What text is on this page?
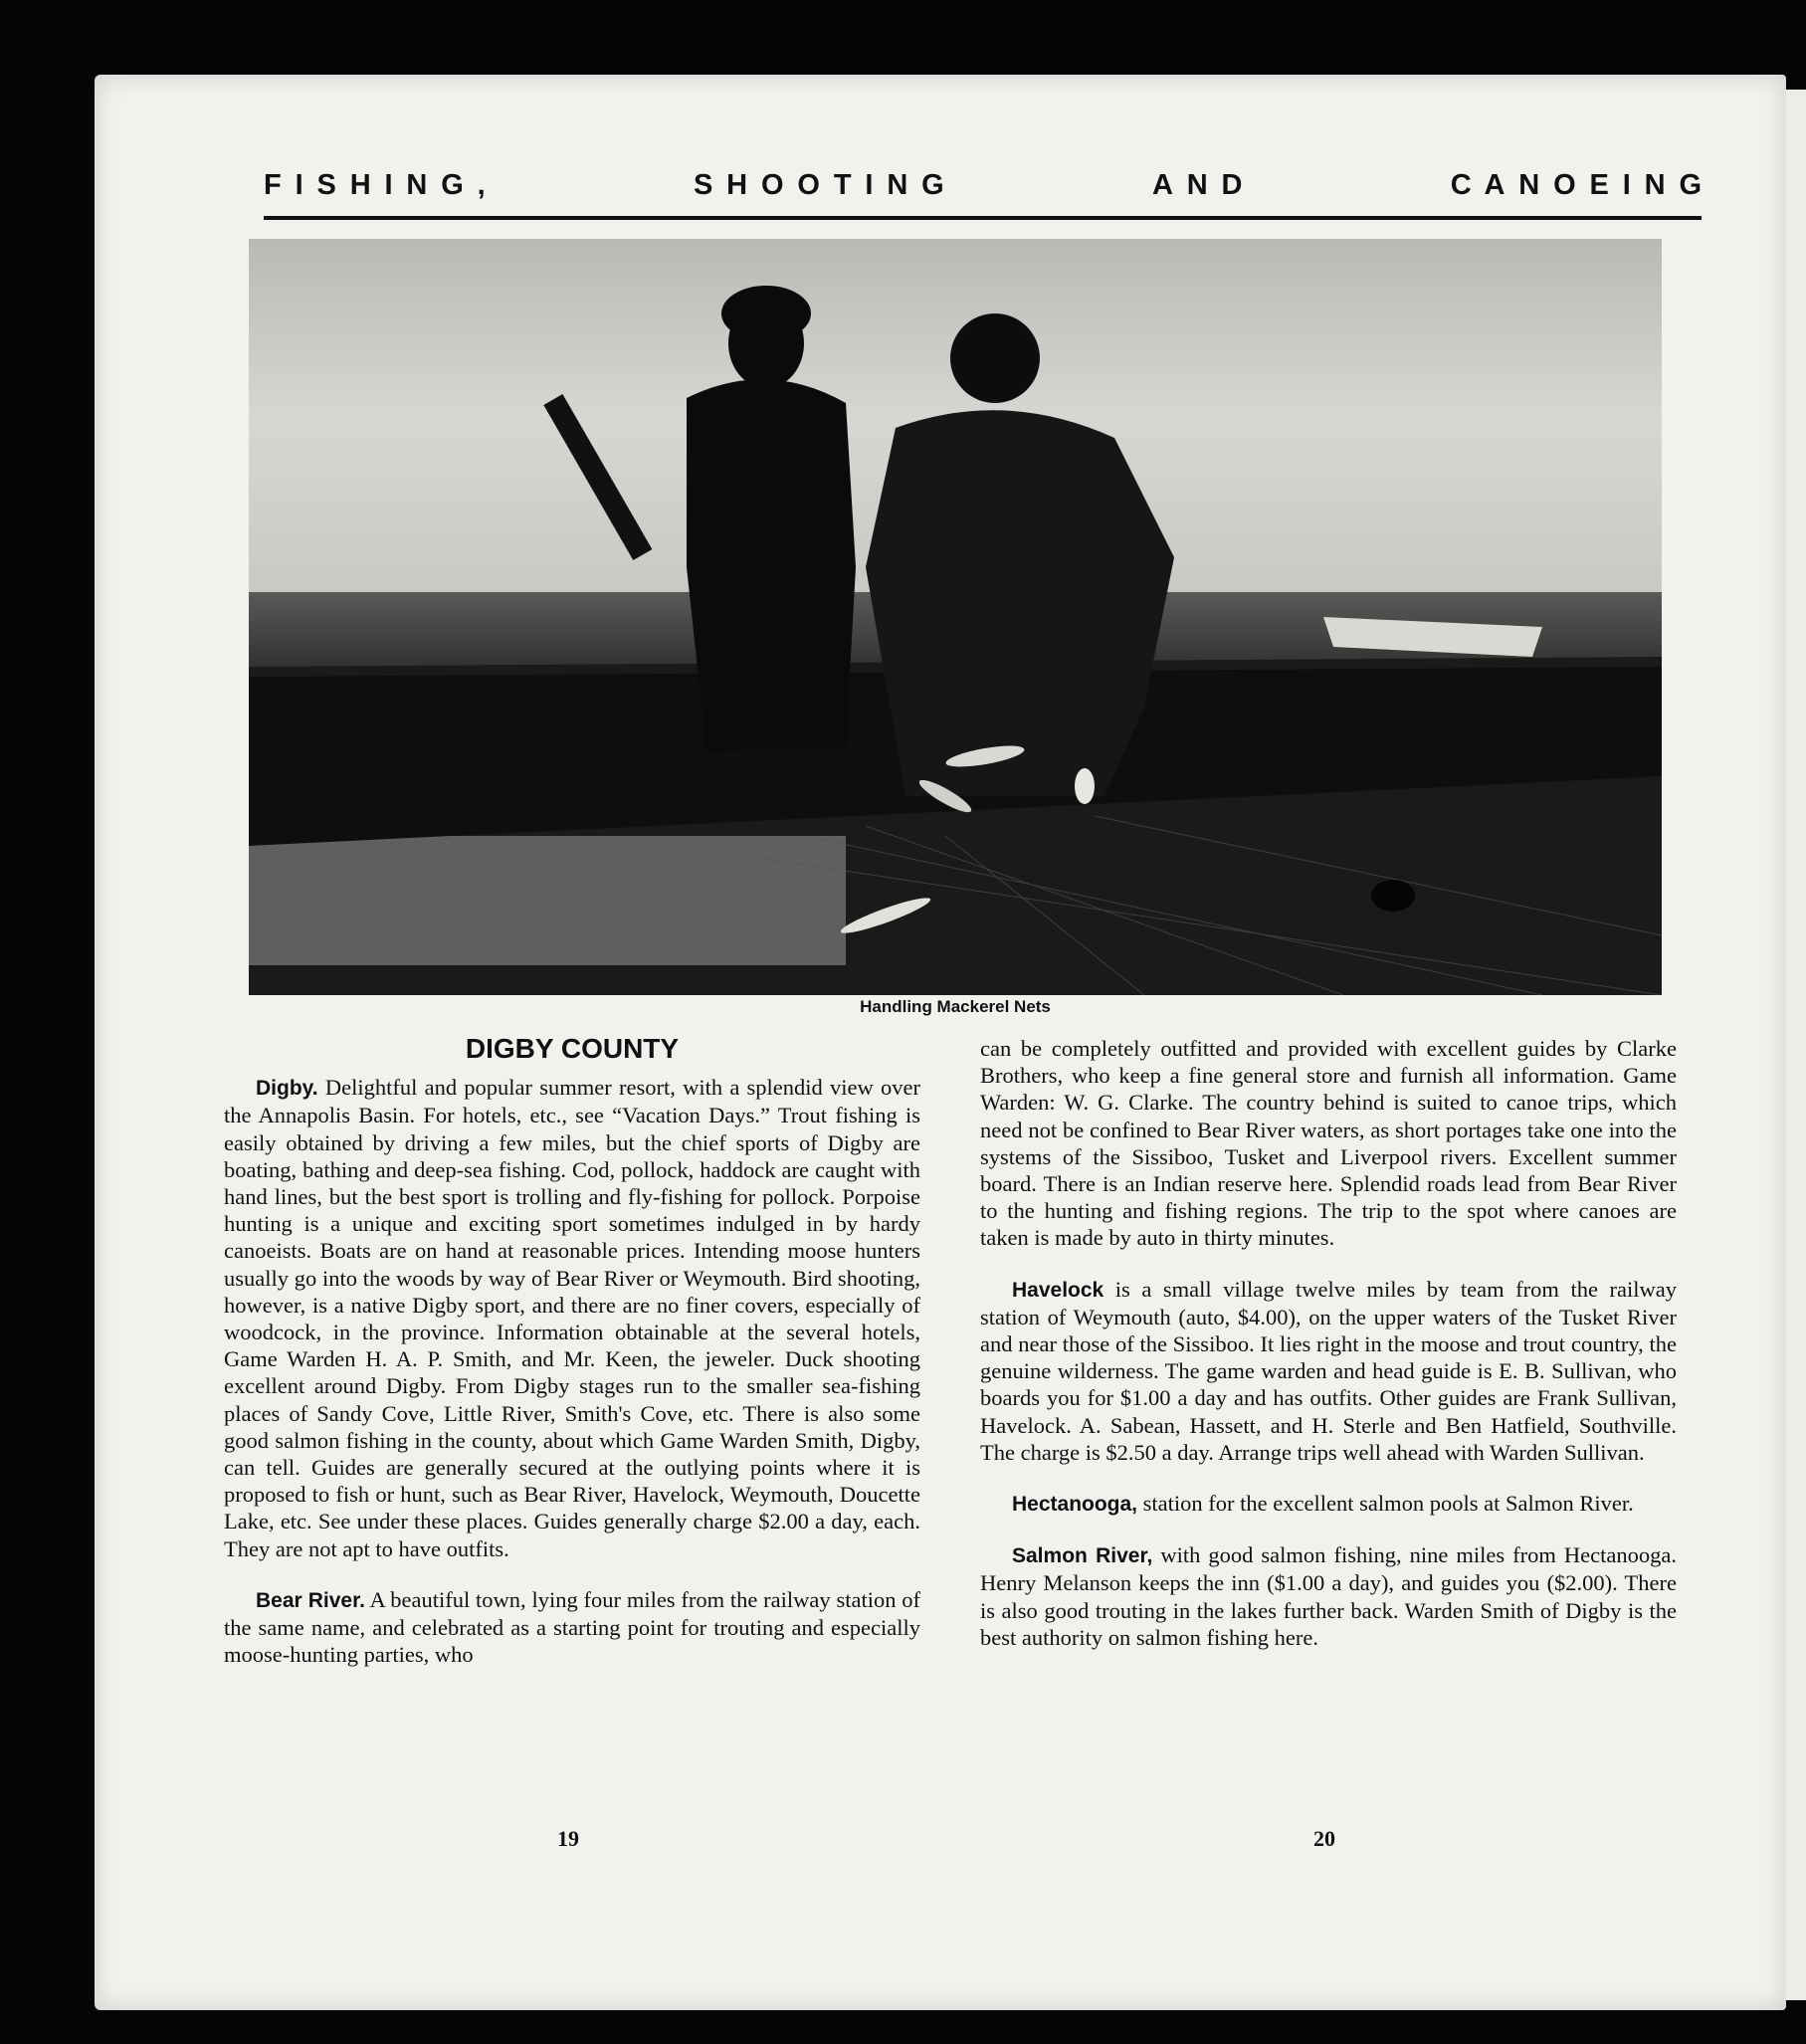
F  I  S  H  I  N  G  ,	S  H  O  O  T  I  N  G	A  N  D	C  A  N  O  E  I  N  G
Handling Mackerel Nets
DIGBY COUNTY

Digby. Delightful and popular summer resort, with a splendid view over the Annapolis Basin. For hotels, etc., see “Vacation Days.” Trout fishing is easily obtained by driving a few miles, but the chief sports of Digby are boating, bathing and deep-sea fishing. Cod, pollock, haddock are caught with hand lines, but the best sport is trolling and fly-fishing for pollock. Porpoise hunting is a unique and exciting sport sometimes indulged in by hardy canoeists. Boats are on hand at reasonable prices. Intending moose hunters usually go into the woods by way of Bear River or Weymouth. Bird shooting, however, is a native Digby sport, and there are no finer covers, especially of woodcock, in the province. Information obtainable at the several hotels, Game Warden H. A. P. Smith, and Mr. Keen, the jeweler. Duck shooting excellent around Digby. From Digby stages run to the smaller sea-fishing places of Sandy Cove, Little River, Smith's Cove, etc. There is also some good salmon fishing in the county, about which Game Warden Smith, Digby, can tell. Guides are generally secured at the outlying points where it is proposed to fish or hunt, such as Bear River, Havelock, Weymouth, Doucette Lake, etc. See under these places. Guides generally charge $2.00 a day, each. They are not apt to have outfits.

Bear River. A beautiful town, lying four miles from the railway station of the same name, and celebrated as a starting point for trouting and especially moose-hunting parties, who

can be completely outfitted and provided with excellent guides by Clarke Brothers, who keep a fine general store and furnish all information. Game Warden: W. G. Clarke. The country behind is suited to canoe trips, which need not be confined to Bear River waters, as short portages take one into the systems of the Sissiboo, Tusket and Liverpool rivers. Excellent summer board. There is an Indian reserve here. Splendid roads lead from Bear River to the hunting and fishing regions. The trip to the spot where canoes are taken is made by auto in thirty minutes.

Havelock is a small village twelve miles by team from the railway station of Weymouth (auto, $4.00), on the upper waters of the Tusket River and near those of the Sissiboo. It lies right in the moose and trout country, the genuine wilderness. The game warden and head guide is E. B. Sullivan, who boards you for $1.00 a day and has outfits. Other guides are Frank Sullivan, Havelock. A. Sabean, Hassett, and H. Sterle and Ben Hatfield, Southville. The charge is $2.50 a day. Arrange trips well ahead with Warden Sullivan.

Hectanooga, station for the excellent salmon pools at Salmon River.

Salmon River, with good salmon fishing, nine miles from Hectanooga. Henry Melanson keeps the inn ($1.00 a day), and guides you ($2.00). There is also good trouting in the lakes further back. Warden Smith of Digby is the best authority on salmon fishing here.

19	20
